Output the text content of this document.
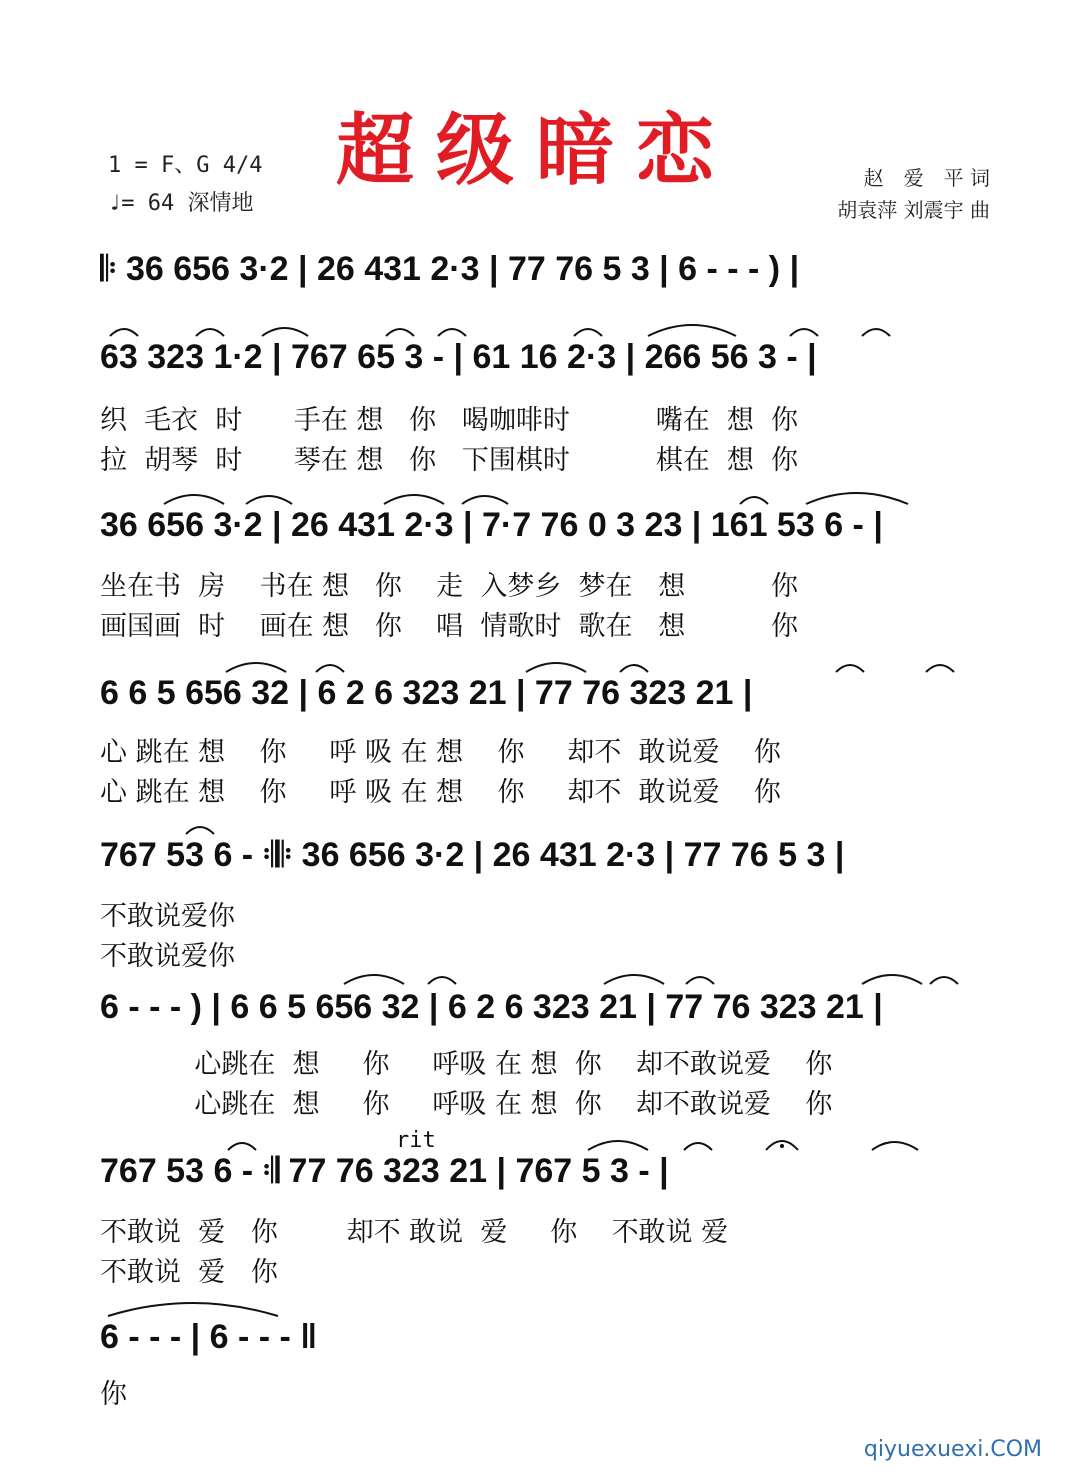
超级暗恋
1 = F、G 4/4
♩= 64 深情地
赵　爱　平 词
胡袁萍 刘震宇 曲
𝄆 36 656 3·2 | 26 431 2·3 | 77 76 5 3 | 6 - - - ) |
63 323 1·2 | 767 65 3 - | 61 16 2·3 | 266 56 3 - |
织  毛衣  时      手在 想   你   喝咖啡时          嘴在  想  你
拉  胡琴  时      琴在 想   你   下围棋时          棋在  想  你
36 656 3·2 | 26 431 2·3 | 7·7 76 0 3 23 | 161 53 6 - |
坐在书  房    书在 想   你    走  入梦乡  梦在   想          你
画国画  时    画在 想   你    唱  情歌时  歌在   想          你
6 6 5 656 32 | 6 2 6 323 21 | 77 76 323 21 |
心 跳在 想    你     呼 吸 在 想    你     却不  敢说爱    你
心 跳在 想    你     呼 吸 在 想    你     却不  敢说爱    你
767 53 6 - 𝄇𝄆 36 656 3·2 | 26 431 2·3 | 77 76 5 3 |
不敢说爱你
不敢说爱你
6 - - - ) | 6 6 5 656 32 | 6 2 6 323 21 | 77 76 323 21 |
心跳在  想     你     呼吸 在 想  你    却不敢说爱    你
心跳在  想     你     呼吸 在 想  你    却不敢说爱    你
rit
767 53 6 - 𝄇 77 76 323 21 | 767 5 3 - |
不敢说  爱   你        却不 敢说  爱     你    不敢说 爱
不敢说  爱   你
6 - - - | 6 - - - ‖
你
qiyuexuexi.COM
